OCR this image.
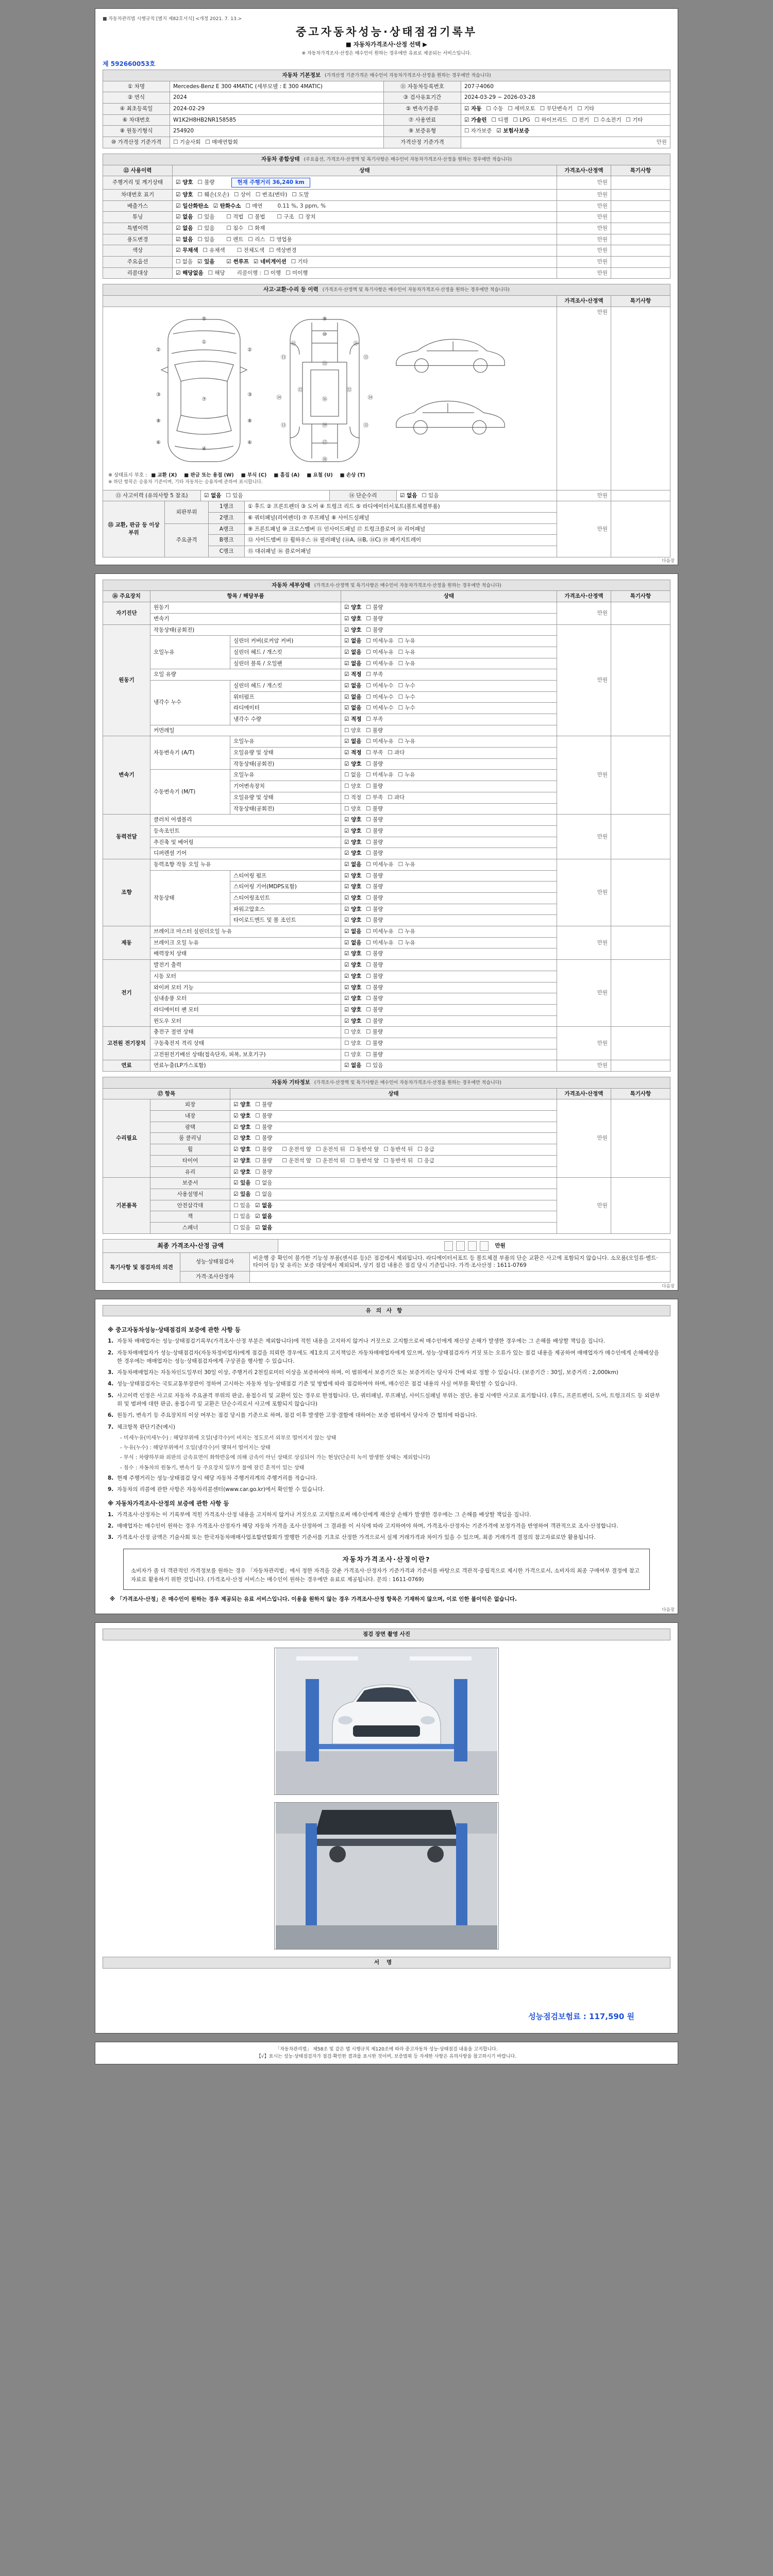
■ 자동차관리법 시행규칙 [별지 제82호서식] <개정 2021. 7. 13.>
중고자동차성능·상태점검기록부
■ 자동차가격조사·산정 선택 ▶
※ 자동차가격조사·산정은 매수인이 원하는 경우에만 유료로 제공되는 서비스입니다.
제 592660053호
자동차 기본정보 (가격산정 기준가격은 매수인이 자동차가격조사·산정을 원하는 경우에만 적습니다)			
① 차명	Mercedes-Benz E 300 4MATIC (세부모델 : E 300 4MATIC)	⑪ 자동차등록번호	207구4060
② 연식	2024	③ 검사유효기간	2024-03-29 ~ 2026-03-28
④ 최초등록일	2024-02-29	⑤ 변속기종류	☑ 자동 ☐ 수동 ☐ 세미오토 ☐ 무단변속기 ☐ 기타
⑥ 차대번호	W1K2H8HB2NR158585	⑦ 사용연료	☑ 가솔린 ☐ 디젤 ☐ LPG ☐ 하이브리드 ☐ 전기 ☐ 수소전기 ☐ 기타
⑧ 원동기형식	254920	⑨ 보증유형	☐ 자가보증 ☑ 보험사보증
⑩ 가격산정 기준가격	☐ 기술사회 ☐ 매매연합회	가격산정 기준가격	만원
자동차 종합상태 (주요옵션, 가격조사·산정액 및 특기사항은 매수인이 자동차가격조사·산정을 원하는 경우에만 적습니다)			
⑫ 사용이력	상태	가격조사·산정액	특기사항
주행거리 및 계기상태	☑ 양호 ☐ 불량 현재 주행거리 36,240 km	만원	
차대번호 표기	☑ 양호 ☐ 훼손(오손) ☐ 상이 ☐ 변조(변타) ☐ 도말	만원	
배출가스	☑ 일산화탄소 ☑ 탄화수소 ☐ 매연 0.11 %, 3 ppm, %	만원	
튜닝	☑ 없음 ☐ 있음 ☐ 적법 ☐ 불법 ☐ 구조 ☐ 장치	만원	
특별이력	☑ 없음 ☐ 있음 ☐ 침수 ☐ 화재	만원	
용도변경	☑ 없음 ☐ 있음 ☐ 렌트 ☐ 리스 ☐ 영업용	만원	
색상	☑ 무채색 ☐ 유채색 ☐ 전체도색 ☐ 색상변경	만원	
주요옵션	☐ 없음 ☑ 있음 ☑ 썬루프 ☑ 네비게이션 ☐ 기타	만원	
리콜대상	☑ 해당없음 ☐ 해당 리콜이행 : ☐ 이행 ☐ 미이행	만원	
사고·교환·수리 등 이력 (가격조사·산정액 및 특기사항은 매수인이 자동차가격조사·산정을 원하는 경우에만 적습니다)		
	가격조사·산정액	특기사항

⑤
①
②	②
③	③
⑦
⑧	⑧
⑥	⑥
④
⑨
⑩
⑪	⑪
⑬	⑬
⑮
⑫	⑫
⑭	⑭
⑯
⑬	⑬
⑲
⑰
⑱
※ 상태표시 부호 : ■ 교환 (X) ■ 판금 또는 용접 (W) ■ 부식 (C) ■ 흠집 (A) ■ 요철 (U) ■ 손상 (T)
※ 하단 항목은 승용차 기준이며, 기타 자동차는 승용차에 준하여 표시합니다.
	만원	
⑬ 사고이력 (유의사항 5 참조)	☑ 없음 ☐ 있음	⑭ 단순수리	☑ 없음 ☐ 있음	만원	
⑮ 교환, 판금 등 이상 부위	외판부위	1랭크	① 후드 ② 프론트펜더 ③ 도어 ④ 트렁크 리드 ⑤ 라디에이터서포트(볼트체결부품)	만원	
		2랭크	⑥ 쿼터패널(리어펜더) ⑦ 루프패널 ⑧ 사이드실패널		
	주요골격	A랭크	⑨ 프론트패널 ⑩ 크로스멤버 ⑪ 인사이드패널 ⑰ 트렁크플로어 ⑱ 리어패널		
		B랭크	⑫ 사이드멤버 ⑬ 휠하우스 ⑭ 필러패널 (⑭A, ⑭B, ⑭C) ⑲ 패키지트레이		
		C랭크	⑮ 대쉬패널 ⑯ 플로어패널		
다음장
자동차 세부상태 (가격조사·산정액 및 특기사항은 매수인이 자동차가격조사·산정을 원하는 경우에만 적습니다)					
⑯ 주요장치	항목 / 해당부품		상태	가격조사·산정액	특기사항
자기진단	원동기		☑ 양호 ☐ 불량	만원	
	변속기		☑ 양호 ☐ 불량		
원동기	작동상태(공회전)		☑ 양호 ☐ 불량	만원	
	오일누유	실린더 커버(로커암 커버)	☑ 없음 ☐ 미세누유 ☐ 누유		
		실린더 헤드 / 개스킷	☑ 없음 ☐ 미세누유 ☐ 누유		
		실린더 블록 / 오일팬	☑ 없음 ☐ 미세누유 ☐ 누유		
	오일 유량		☑ 적정 ☐ 부족		
	냉각수 누수	실린더 헤드 / 개스킷	☑ 없음 ☐ 미세누수 ☐ 누수		
		워터펌프	☑ 없음 ☐ 미세누수 ☐ 누수		
		라디에이터	☑ 없음 ☐ 미세누수 ☐ 누수		
		냉각수 수량	☑ 적정 ☐ 부족		
	커먼레일		☐ 양호 ☐ 불량		
변속기	자동변속기 (A/T)	오일누유	☑ 없음 ☐ 미세누유 ☐ 누유	만원	
		오일유량 및 상태	☑ 적정 ☐ 부족 ☐ 과다		
		작동상태(공회전)	☑ 양호 ☐ 불량		
	수동변속기 (M/T)	오일누유	☐ 없음 ☐ 미세누유 ☐ 누유		
		기어변속장치	☐ 양호 ☐ 불량		
		오일유량 및 상태	☐ 적정 ☐ 부족 ☐ 과다		
		작동상태(공회전)	☐ 양호 ☐ 불량		
동력전달	클러치 어셈블리		☑ 양호 ☐ 불량	만원	
	등속조인트		☑ 양호 ☐ 불량		
	추진축 및 베어링		☑ 양호 ☐ 불량		
	디퍼렌셜 기어		☑ 양호 ☐ 불량		
조향	동력조향 작동 오일 누유		☑ 없음 ☐ 미세누유 ☐ 누유	만원	
	작동상태	스티어링 펌프	☑ 양호 ☐ 불량		
		스티어링 기어(MDPS포함)	☑ 양호 ☐ 불량		
		스티어링조인트	☑ 양호 ☐ 불량		
		파워고압호스	☑ 양호 ☐ 불량		
		타이로드엔드 및 볼 조인트	☑ 양호 ☐ 불량		
제동	브레이크 마스터 실린더오일 누유		☑ 없음 ☐ 미세누유 ☐ 누유	만원	
	브레이크 오일 누유		☑ 없음 ☐ 미세누유 ☐ 누유		
	배력장치 상태		☑ 양호 ☐ 불량		
전기	발전기 출력		☑ 양호 ☐ 불량	만원	
	시동 모터		☑ 양호 ☐ 불량		
	와이퍼 모터 기능		☑ 양호 ☐ 불량		
	실내송풍 모터		☑ 양호 ☐ 불량		
	라디에이터 팬 모터		☑ 양호 ☐ 불량		
	윈도우 모터		☑ 양호 ☐ 불량		
고전원 전기장치	충전구 절연 상태		☐ 양호 ☐ 불량	만원	
	구동축전지 격리 상태		☐ 양호 ☐ 불량		
	고전원전기배선 상태(접속단자, 피복, 보호기구)		☐ 양호 ☐ 불량		
연료	연료누출(LP가스포함)		☑ 없음 ☐ 있음	만원	
자동차 기타정보 (가격조사·산정액 및 특기사항은 매수인이 자동차가격조사·산정을 원하는 경우에만 적습니다)				
⑰ 항목		상태	가격조사·산정액	특기사항
수리필요	외장	☑ 양호 ☐ 불량	만원	
	내장	☑ 양호 ☐ 불량		
	광택	☑ 양호 ☐ 불량		
	룸 클리닝	☑ 양호 ☐ 불량		
	휠	☑ 양호 ☐ 불량 ☐ 운전석 앞 ☐ 운전석 뒤 ☐ 동반석 앞 ☐ 동반석 뒤 ☐ 응급		
	타이어	☑ 양호 ☐ 불량 ☐ 운전석 앞 ☐ 운전석 뒤 ☐ 동반석 앞 ☐ 동반석 뒤 ☐ 응급		
	유리	☑ 양호 ☐ 불량		
기본품목	보증서	☑ 있음 ☐ 없음	만원	
	사용설명서	☑ 있음 ☐ 없음		
	안전삼각대	☐ 있음 ☑ 없음		
	잭	☐ 있음 ☑ 없음		
	스패너	☐ 있음 ☑ 없음		
최종 가격조사·산정 금액	만원
특기사항 및 점검자의 의견	성능·상태점검자	비운행 중 확인이 불가한 기능성 부품(센서류 등)은 점검에서 제외됩니다. 라디에이터서포트 등 볼트체결 부품의 단순 교환은 사고에 포함되지 않습니다. 소모품(오일류·벨트·타이어 등) 및 유리는 보증 대상에서 제외되며, 상기 점검 내용은 점검 당시 기준입니다. 가격·조사산정 : 1611-0769
	가격·조사산정자	
다음장
유의사항
※ 중고자동차성능·상태점검의 보증에 관한 사항 등
1. 자동차 매매업자는 성능·상태점검기록부(가격조사·산정 부분은 제외합니다)에 적힌 내용을 고지하지 않거나 거짓으로 고지함으로써 매수인에게 재산상 손해가 발생한 경우에는 그 손해를 배상할 책임을 집니다.
2. 자동차매매업자가 성능·상태점검자(자동차정비업자)에게 점검을 의뢰한 경우에도 제1호의 고지책임은 자동차매매업자에게 있으며, 성능·상태점검자가 거짓 또는 오류가 있는 점검 내용을 제공하여 매매업자가 매수인에게 손해배상을 한 경우에는 매매업자는 성능·상태점검자에게 구상권을 행사할 수 있습니다.
3. 자동차매매업자는 자동차인도일부터 30일 이상, 주행거리 2천킬로미터 이상을 보증하여야 하며, 이 범위에서 보증기간 또는 보증거리는 당사자 간에 따로 정할 수 있습니다. (보증기간 : 30일, 보증거리 : 2,000km)
4. 성능·상태점검자는 국토교통부장관이 정하여 고시하는 자동차 성능·상태점검 기준 및 방법에 따라 점검하여야 하며, 매수인은 점검 내용의 사실 여부를 확인할 수 있습니다.
5. 사고이력 인정은 사고로 자동차 주요골격 부위의 판금, 용접수리 및 교환이 있는 경우로 한정합니다. 단, 쿼터패널, 루프패널, 사이드실패널 부위는 절단, 용접 시에만 사고로 표기합니다. (후드, 프론트펜더, 도어, 트렁크리드 등 외판부위 및 범퍼에 대한 판금, 용접수리 및 교환은 단순수리로서 사고에 포함되지 않습니다)
6. 원동기, 변속기 등 주요장치의 이상 여부는 점검 당시를 기준으로 하며, 점검 이후 발생한 고장·결함에 대하여는 보증 범위에서 당사자 간 협의에 따릅니다.
7. 체크항목 판단기준(예시)
- 미세누유(미세누수) : 해당부위에 오일(냉각수)이 비치는 정도로서 외부로 떨어지지 않는 상태
- 누유(누수) : 해당부위에서 오일(냉각수)이 맺혀서 떨어지는 상태
- 부식 : 차량하부와 외판의 금속표면이 화학반응에 의해 금속이 아닌 상태로 상실되어 가는 현상(단순히 녹이 발생한 상태는 제외합니다)
- 침수 : 자동차의 원동기, 변속기 등 주요장치 일부가 물에 잠긴 흔적이 있는 상태
8. 현재 주행거리는 성능·상태점검 당시 해당 자동차 주행거리계의 주행거리를 적습니다.
9. 자동차의 리콜에 관한 사항은 자동차리콜센터(www.car.go.kr)에서 확인할 수 있습니다.
※ 자동차가격조사·산정의 보증에 관한 사항 등
1. 가격조사·산정자는 이 기록부에 적힌 가격조사·산정 내용을 고지하지 않거나 거짓으로 고지함으로써 매수인에게 재산상 손해가 발생한 경우에는 그 손해를 배상할 책임을 집니다.
2. 매매업자는 매수인이 원하는 경우 가격조사·산정자가 해당 자동차 가격을 조사·산정하여 그 결과를 이 서식에 따라 고지하여야 하며, 가격조사·산정자는 기준가격에 보정가격을 반영하여 객관적으로 조사·산정합니다.
3. 가격조사·산정 금액은 기술사회 또는 한국자동차매매사업조합연합회가 발행한 기준서를 기초로 산정한 가격으로서 실제 거래가격과 차이가 있을 수 있으며, 최종 거래가격 결정의 참고자료로만 활용됩니다.
자동차가격조사·산정이란?
소비자가 좀 더 객관적인 가격정보를 원하는 경우 「자동차관리법」에서 정한 자격을 갖춘 가격조사·산정자가 기준가격과 기준서를 바탕으로 객관적·중립적으로 제시한 가격으로서, 소비자의 최종 구매여부 결정에 참고자료로 활용하기 위한 것입니다. (가격조사·산정 서비스는 매수인이 원하는 경우에만 유료로 제공됩니다. 문의 : 1611-0769)
※ 「가격조사·산정」은 매수인이 원하는 경우 제공되는 유료 서비스입니다. 이용을 원하지 않는 경우 가격조사·산정 항목은 기재하지 않으며, 이로 인한 불이익은 없습니다.
다음장
점검 장면 촬영 사진
서명
성능점검보험료 : 117,590 원
「자동차관리법」 제58조 및 같은 법 시행규칙 제120조에 따라 중고자동차 성능·상태점검 내용을 고지합니다.
【√】표시는 성능·상태점검자가 점검·확인한 결과를 표시한 것이며, 보증범위 등 자세한 사항은 유의사항을 참고하시기 바랍니다.
